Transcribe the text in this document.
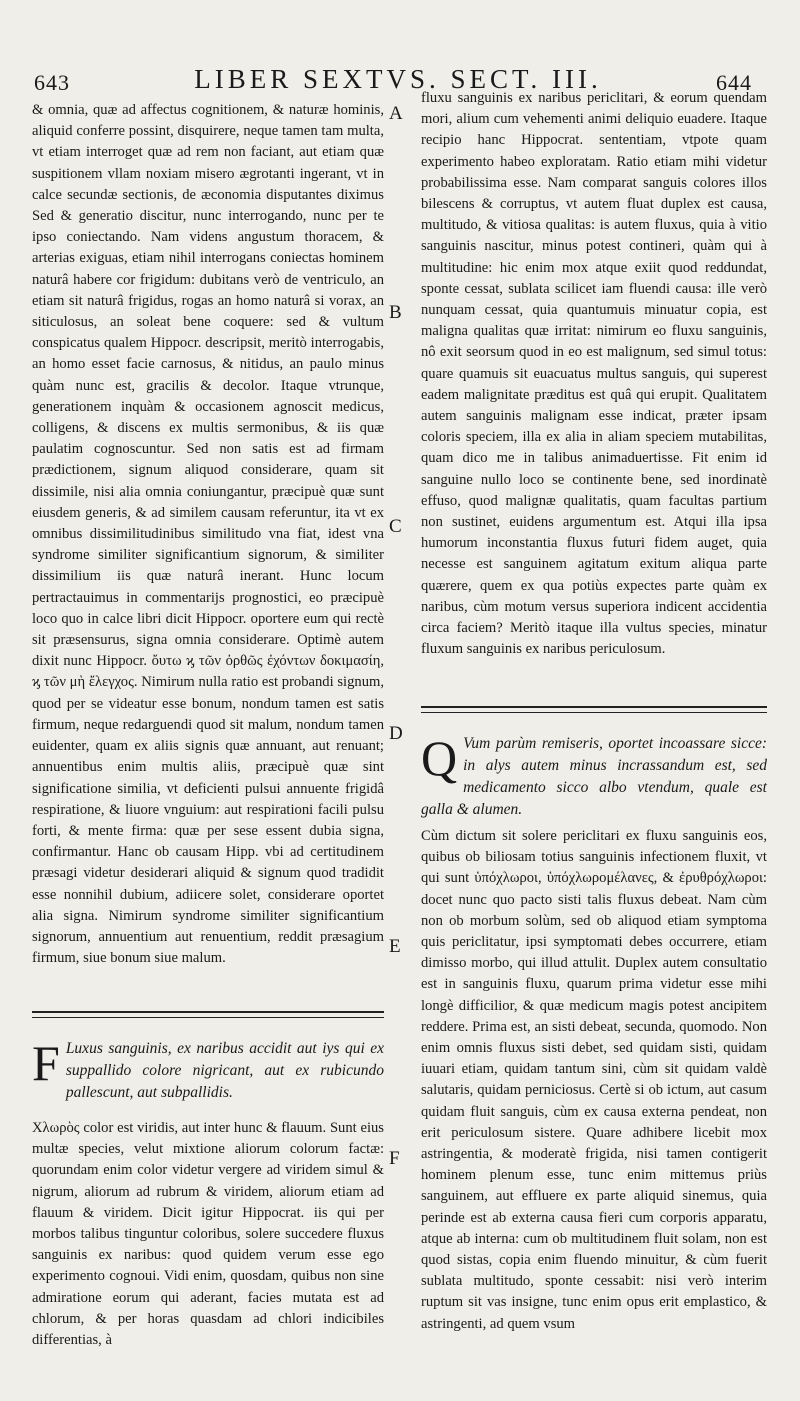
643	LIBER SEXTVS. SECT. III.	644

& omnia, quæ ad affectus cognitionem, & naturæ hominis, aliquid conferre possint, disquirere, neque tamen tam multa, vt etiam interroget quæ ad rem non faciant, aut etiam quæ suspitionem vllam noxiam misero ægrotanti ingerant, vt in calce secundæ sectionis, de æconomia disputantes diximus Sed & generatio discitur, nunc interrogando, nunc per te ipso coniectando. Nam videns angustum thoracem, & arterias exiguas, etiam nihil interrogans coniectas hominem naturâ habere cor frigidum: dubitans verò de ventriculo, an etiam sit naturâ frigidus, rogas an homo naturâ si vorax, an siticulosus, an soleat bene coquere: sed & vultum conspicatus qualem Hippocr. descripsit, meritò interrogabis, an homo esset facie carnosus, & nitidus, an paulo minus quàm nunc est, gracilis & decolor. Itaque vtrunque, generationem inquàm & occasionem agnoscit medicus, colligens, & discens ex multis sermonibus, & iis quæ paulatim cognoscuntur. Sed non satis est ad firmam prædictionem, signum aliquod considerare, quam sit dissimile, nisi alia omnia coniungantur, præcipuè quæ sunt eiusdem generis, & ad similem causam referuntur, ita vt ex omnibus dissimilitudinibus similitudo vna fiat, idest vna syndrome similiter significantium signorum, & similiter dissimilium iis quæ naturâ inerant. Hunc locum pertractauimus in commentarijs prognostici, eo præcipuè loco quo in calce libri dicit Hippocr. oportere eum qui rectè sit præsensurus, signa omnia considerare. Optimè autem dixit nunc Hippocr. ὄυτω ϗ τῶν ὀρθῶς ἐχόντων δοκιμασίη, ϗ τῶν μὴ ἔλεγχος. Nimirum nulla ratio est probandi signum, quod per se videatur esse bonum, nondum tamen est satis firmum, neque redarguendi quod sit malum, nondum tamen euidenter, quam ex aliis signis quæ annuant, aut renuant; annuentibus enim multis aliis, præcipuè quæ sint significatione similia, vt deficienti pulsui annuente frigidâ respiratione, & liuore vnguium: aut respirationi facili pulsu forti, & mente firma: quæ per sese essent dubia signa, confirmantur. Hanc ob causam Hipp. vbi ad certitudinem præsagi videtur desiderari aliquid & signum quod tradidit esse nonnihil dubium, adiicere solet, considerare oportet alia signa. Nimirum syndrome similiter significantium signorum, annuentium aut renuentium, reddit præsagium firmum, siue bonum siue malum.

F Luxus sanguinis, ex naribus accidit aut iys qui ex suppallido colore nigricant, aut ex rubicundo pallescunt, aut subpallidis.

Χλωρὸς color est viridis, aut inter hunc & flauum. Sunt eius multæ species, velut mixtione aliorum colorum factæ: quorundam enim color videtur vergere ad viridem simul & nigrum, aliorum ad rubrum & viridem, aliorum etiam ad flauum & viridem. Dicit igitur Hippocrat. iis qui per morbos talibus tinguntur coloribus, solere succedere fluxus sanguinis ex naribus: quod quidem verum esse ego experimento cognoui. Vidi enim, quosdam, quibus non sine admiratione eorum qui aderant, facies mutata est ad chlorum, & per horas quasdam ad chlori indicibiles differentias, à

A
B
C
D
E
F

fluxu sanguinis ex naribus periclitari, & eorum quendam mori, alium cum vehementi animi deliquio euadere. Itaque recipio hanc Hippocrat. sententiam, vtpote quam experimento habeo exploratam. Ratio etiam mihi videtur probabilissima esse. Nam comparat sanguis colores illos bilescens & corruptus, vt autem fluat duplex est causa, multitudo, & vitiosa qualitas: is autem fluxus, quia à vitio sanguinis nascitur, minus potest contineri, quàm qui à multitudine: hic enim mox atque exiit quod reddundat, sponte cessat, sublata scilicet iam fluendi causa: ille verò nunquam cessat, quia quantumuis minuatur copia, est maligna qualitas quæ irritat: nimirum eo fluxu sanguinis, nô exit seorsum quod in eo est malignum, sed simul totus: quare quamuis sit euacuatus multus sanguis, qui superest eadem malignitate præditus est quâ qui erupit. Qualitatem autem sanguinis malignam esse indicat, præter ipsam coloris speciem, illa ex alia in aliam speciem mutabilitas, quam dico me in talibus animaduertisse. Fit enim id sanguine nullo loco se continente bene, sed inordinatè effuso, quod malignæ qualitatis, quam facultas partium non sustinet, euidens argumentum est. Atqui illa ipsa humorum inconstantia fluxus futuri fidem auget, quia necesse est sanguinem agitatum exitum aliqua parte quærere, quem ex qua potiùs expectes parte quàm ex naribus, cùm motum versus superiora indicent accidentia circa faciem? Meritò itaque illa vultus species, minatur fluxum sanguinis ex naribus periculosum.

Q Vum parùm remiseris, oportet incoassare sicce: in alys autem minus incrassandum est, sed medicamento sicco albo vtendum, quale est galla & alumen.

Cùm dictum sit solere periclitari ex fluxu sanguinis eos, quibus ob biliosam totius sanguinis infectionem fluxit, vt qui sunt ὑπόχλωροι, ὑπόχλωρομέλανες, & ἐρυθρόχλωροι: docet nunc quo pacto sisti talis fluxus debeat. Nam cùm non ob morbum solùm, sed ob aliquod etiam symptoma quis periclitatur, ipsi symptomati debes occurrere, etiam dimisso morbo, qui illud attulit. Duplex autem consultatio est in sanguinis fluxu, quarum prima videtur esse mihi longè difficilior, & quæ medicum magis potest ancipitem reddere. Prima est, an sisti debeat, secunda, quomodo. Non enim omnis fluxus sisti debet, sed quidam sisti, quidam iuuari etiam, quidam tantum sini, cùm sit quidam valdè salutaris, quidam perniciosus. Certè si ob ictum, aut casum quidam fluit sanguis, cùm ex causa externa pendeat, non erit periculosum sistere. Quare adhibere licebit mox astringentia, & moderatè frigida, nisi tamen contigerit hominem plenum esse, tunc enim mittemus priùs sanguinem, aut effluere ex parte aliquid sinemus, quia perinde est ab externa causa fieri cum corporis apparatu, atque ab interna: cum ob multitudinem fluit solam, non est quod sistas, copia enim fluendo minuitur, & cùm fuerit sublata multitudo, sponte cessabit: nisi verò interim ruptum sit vas insigne, tunc enim opus erit emplastico, & astringenti, ad quem vsum
